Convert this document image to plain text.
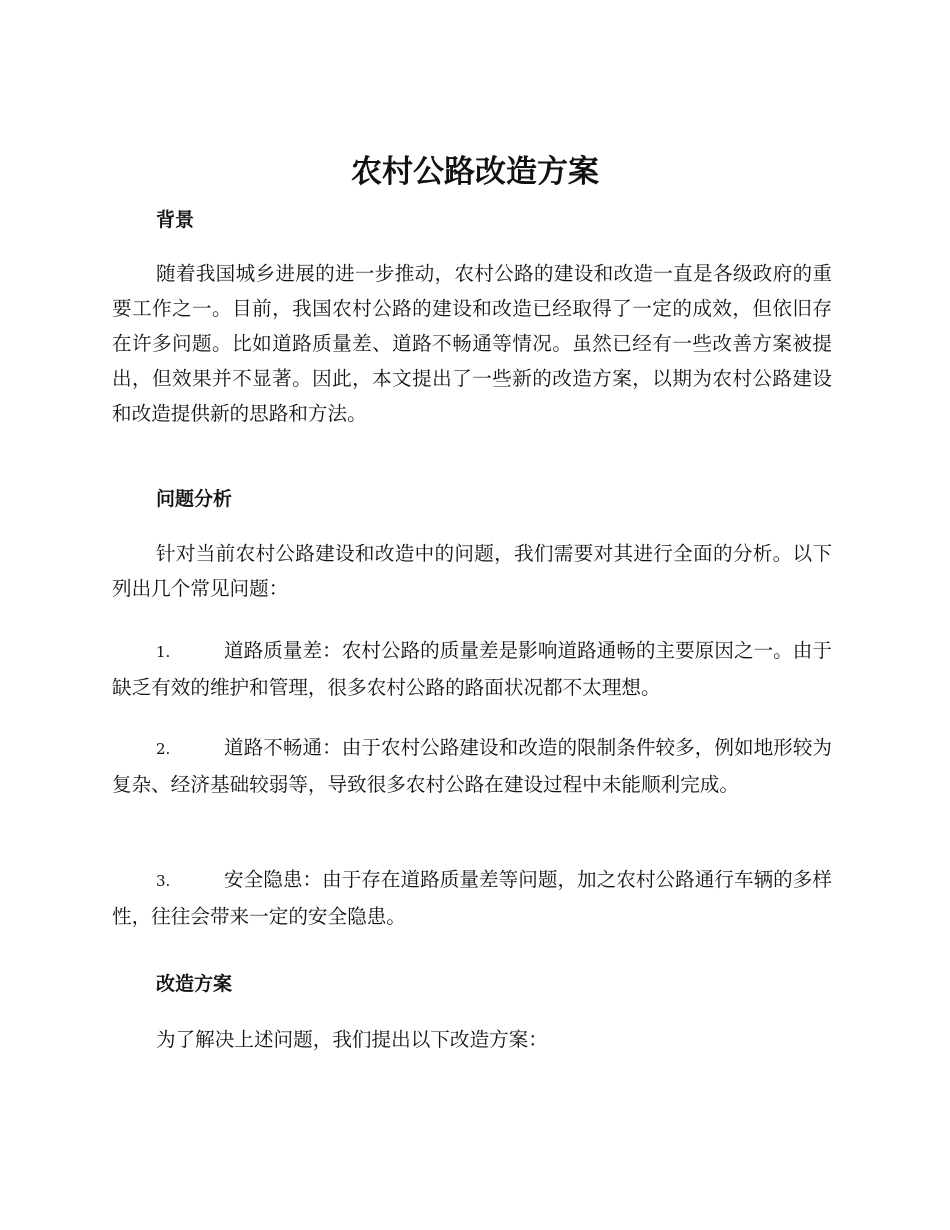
农村公路改造方案
背景

随着我国城乡进展的进一步推动，农村公路的建设和改造一直是各级政府的重要工作之一。目前，我国农村公路的建设和改造已经取得了一定的成效，但依旧存在许多问题。比如道路质量差、道路不畅通等情况。虽然已经有一些改善方案被提出，但效果并不显著。因此，本文提出了一些新的改造方案，以期为农村公路建设和改造提供新的思路和方法。

问题分析

针对当前农村公路建设和改造中的问题，我们需要对其进行全面的分析。以下列出几个常见问题：

1.	道路质量差：农村公路的质量差是影响道路通畅的主要原因之一。由于缺乏有效的维护和管理，很多农村公路的路面状况都不太理想。

2.	道路不畅通：由于农村公路建设和改造的限制条件较多，例如地形较为复杂、经济基础较弱等，导致很多农村公路在建设过程中未能顺利完成。

3.	安全隐患：由于存在道路质量差等问题，加之农村公路通行车辆的多样性，往往会带来一定的安全隐患。

改造方案

为了解决上述问题，我们提出以下改造方案：
